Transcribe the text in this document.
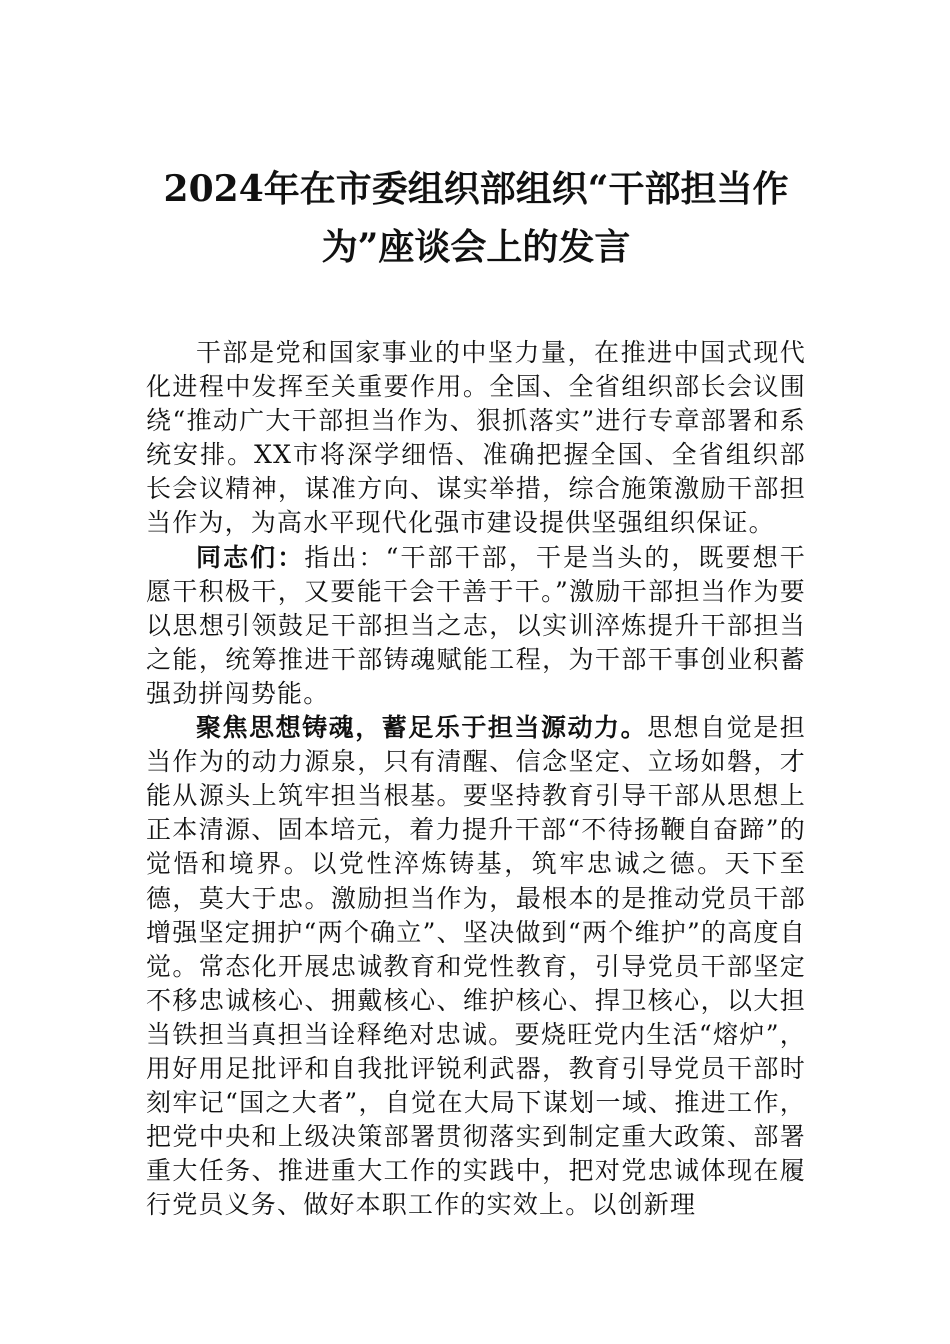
2024年在市委组织部组织“干部担当作
为”座谈会上的发言

干部是党和国家事业的中坚力量，在推进中国式现代化进程中发挥至关重要作用。全国、全省组织部长会议围绕“推动广大干部担当作为、狠抓落实”进行专章部署和系统安排。XX市将深学细悟、准确把握全国、全省组织部长会议精神，谋准方向、谋实举措，综合施策激励干部担当作为，为高水平现代化强市建设提供坚强组织保证。

同志们：指出：“干部干部，干是当头的，既要想干愿干积极干，又要能干会干善于干。”激励干部担当作为要以思想引领鼓足干部担当之志，以实训淬炼提升干部担当之能，统筹推进干部铸魂赋能工程，为干部干事创业积蓄强劲拼闯势能。

聚焦思想铸魂，蓄足乐于担当源动力。思想自觉是担当作为的动力源泉，只有清醒、信念坚定、立场如磐，才能从源头上筑牢担当根基。要坚持教育引导干部从思想上正本清源、固本培元，着力提升干部“不待扬鞭自奋蹄”的觉悟和境界。以党性淬炼铸基，筑牢忠诚之德。天下至德，莫大于忠。激励担当作为，最根本的是推动党员干部增强坚定拥护“两个确立”、坚决做到“两个维护”的高度自觉。常态化开展忠诚教育和党性教育，引导党员干部坚定不移忠诚核心、拥戴核心、维护核心、捍卫核心，以大担当铁担当真担当诠释绝对忠诚。要烧旺党内生活“熔炉”，用好用足批评和自我批评锐利武器，教育引导党员干部时刻牢记“国之大者”，自觉在大局下谋划一域、推进工作，把党中央和上级决策部署贯彻落实到制定重大政策、部署重大任务、推进重大工作的实践中，把对党忠诚体现在履行党员义务、做好本职工作的实效上。以创新理
